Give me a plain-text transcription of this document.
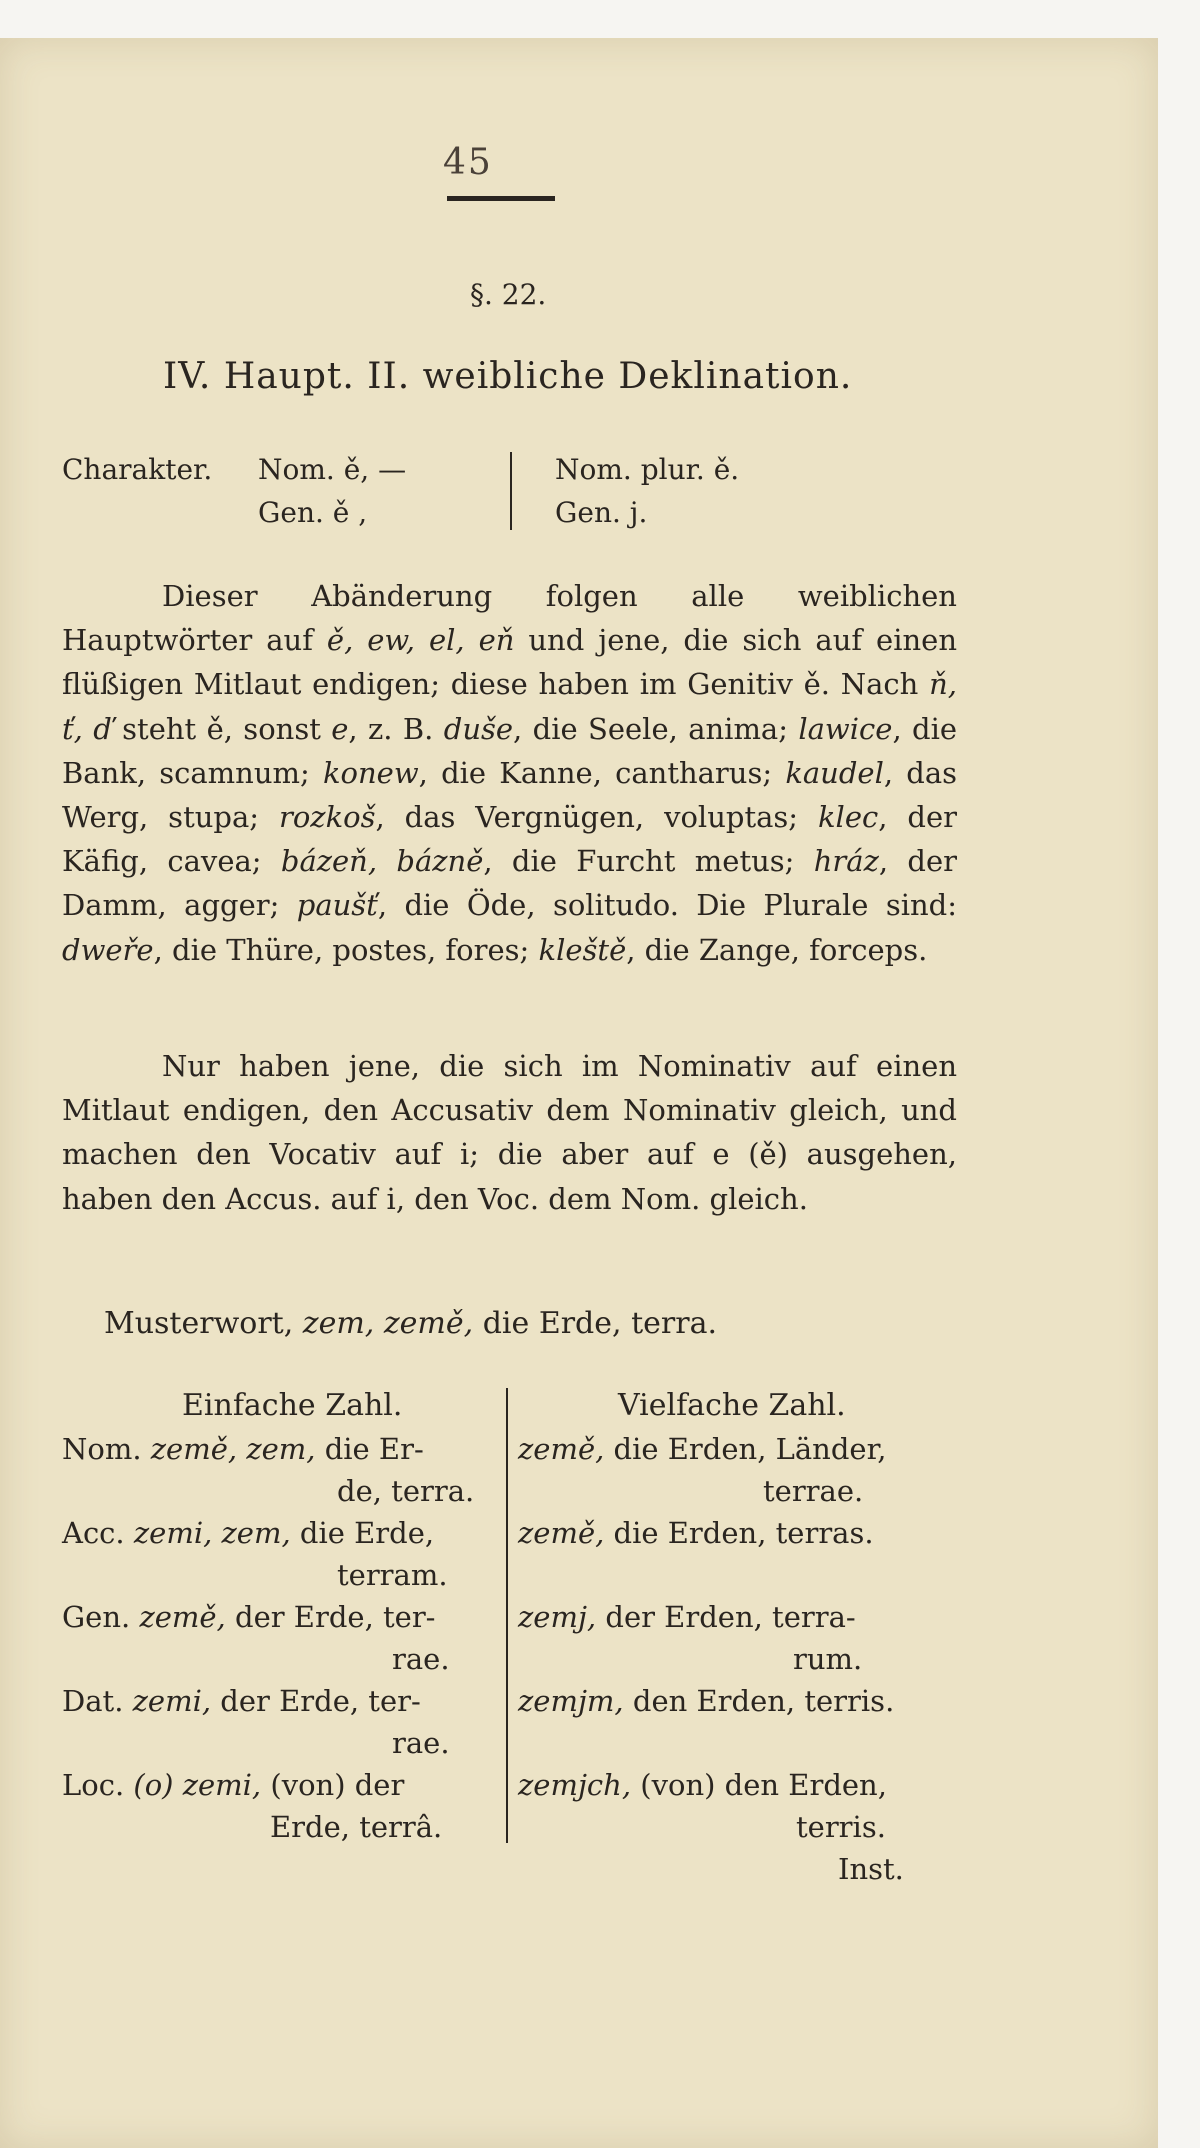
45
§. 22.
IV. Haupt. II. weibliche Deklination.
Charakter. Nom. ě, —
Gen. ě ,
Nom. plur. ě.
Gen. j.

Dieser Abänderung folgen alle weiblichen Hauptwörter auf ě, ew, el, eň und jene, die sich auf einen flüßigen Mitlaut endigen; diese haben im Genitiv ě. Nach ň, ť, ď steht ě, sonst e, z. B. duše, die Seele, anima; lawice, die Bank, scamnum; konew, die Kanne, cantharus; kaudel, das Werg, stupa; rozkoš, das Vergnügen, voluptas; klec, der Käfig, cavea; bázeň, bázně, die Furcht metus; hráz, der Damm, agger; paušť, die Öde, solitudo. Die Plurale sind: dweře, die Thüre, postes, fores; kleště, die Zange, forceps.

Nur haben jene, die sich im Nominativ auf einen Mitlaut endigen, den Accusativ dem Nominativ gleich, und machen den Vocativ auf i; die aber auf e (ě) ausgehen, haben den Accus. auf i, den Voc. dem Nom. gleich.

Musterwort, zem, země, die Erde, terra.
Einfache Zahl.	Vielfache Zahl.
Nom. země, zem, die Er-
de, terra.
země, die Erden, Länder,
terrae.
Acc. zemi, zem, die Erde,
terram.
země, die Erden, terras.
Gen. země, der Erde, ter-
rae.
zemj, der Erden, terra-
rum.
Dat. zemi, der Erde, ter-
rae.
zemjm, den Erden, terris.
Loc. (o) zemi, (von) der
Erde, terrâ.
zemjch, (von) den Erden,
terris.
Inst.
